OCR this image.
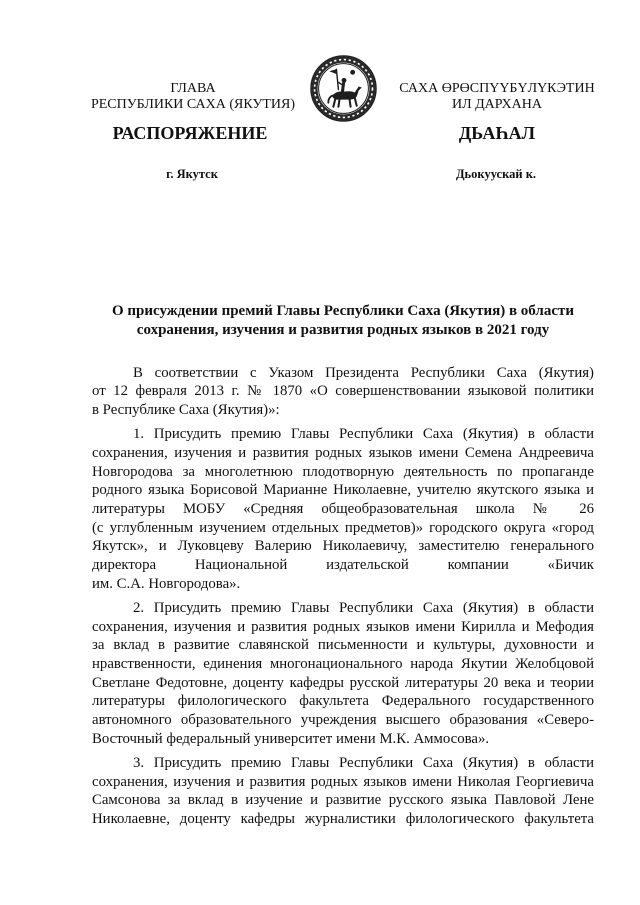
ГЛАВА
РЕСПУБЛИКИ САХА (ЯКУТИЯ)
САХА ӨРӨСПҮҮБҮЛҮКЭТИН
ИЛ ДАРХАНА
РАСПОРЯЖЕНИЕ	ДЬАҺАЛ
г. Якутск	Дьокуускай к.
О присуждении премий Главы Республики Саха (Якутия) в области
сохранения, изучения и развития родных языков в 2021 году
В соответствии с Указом Президента Республики Саха (Якутия)
от 12 февраля 2013 г. № 1870 «О совершенствовании языковой политики
в Республике Саха (Якутия)»:
1. Присудить премию Главы Республики Саха (Якутия) в области
сохранения, изучения и развития родных языков имени Семена Андреевича
Новгородова за многолетнюю плодотворную деятельность по пропаганде
родного языка Борисовой Марианне Николаевне, учителю якутского языка и
литературы МОБУ «Средняя общеобразовательная школа № 26
(с углубленным изучением отдельных предметов)» городского округа «город
Якутск», и Луковцеву Валерию Николаевичу, заместителю генерального
директора Национальной издательской компании «Бичик
им. С.А. Новгородова».
2. Присудить премию Главы Республики Саха (Якутия) в области
сохранения, изучения и развития родных языков имени Кирилла и Мефодия
за вклад в развитие славянской письменности и культуры, духовности и
нравственности, единения многонационального народа Якутии Желобцовой
Светлане Федотовне, доценту кафедры русской литературы 20 века и теории
литературы филологического факультета Федерального государственного
автономного образовательного учреждения высшего образования «Северо-
Восточный федеральный университет имени М.К. Аммосова».
3. Присудить премию Главы Республики Саха (Якутия) в области
сохранения, изучения и развития родных языков имени Николая Георгиевича
Самсонова за вклад в изучение и развитие русского языка Павловой Лене
Николаевне, доценту кафедры журналистики филологического факультета
